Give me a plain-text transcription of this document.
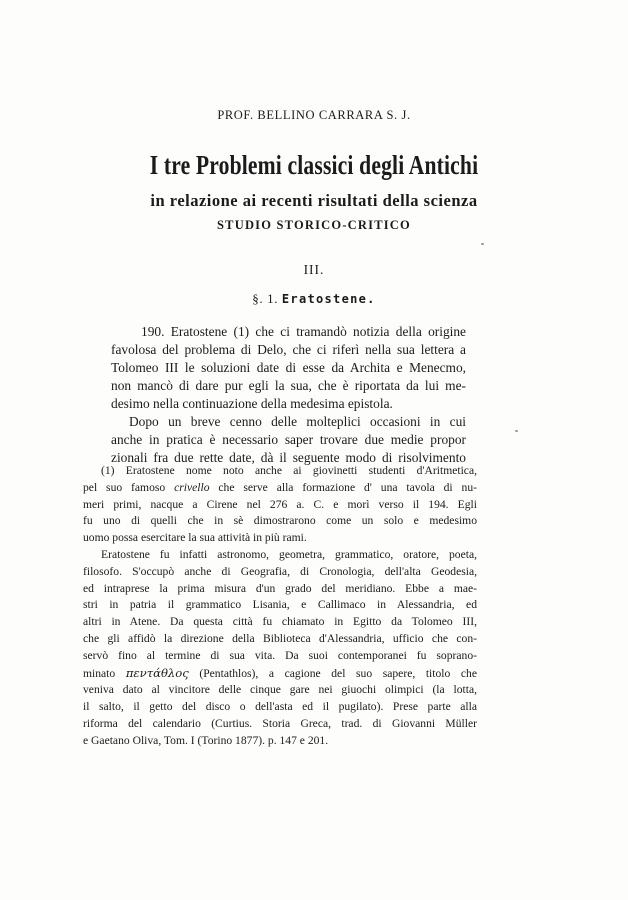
PROF. BELLINO CARRARA S. J.
I tre Problemi classici degli Antichi
in relazione ai recenti risultati della scienza
STUDIO STORICO-CRITICO
III.
§. 1. Eratostene.
190. Eratostene (1) che ci tramandò notizia della origine
favolosa del problema di Delo, che ci riferì nella sua lettera a
Tolomeo III le soluzioni date di esse da Archita e Menecmo,
non mancò di dare pur egli la sua, che è riportata da lui me-
desimo nella continuazione della medesima epistola.
Dopo un breve cenno delle molteplici occasioni in cui
anche in pratica è necessario saper trovare due medie propor
zionali fra due rette date, dà il seguente modo di risolvimento
(1) Eratostene nome noto anche ai giovinetti studenti d'Aritmetica,
pel suo famoso crivello che serve alla formazione d' una tavola di nu-
meri primi, nacque a Cirene nel 276 a. C. e morì verso il 194. Egli
fu uno di quelli che in sè dimostrarono come un solo e medesimo
uomo possa esercitare la sua attività in più rami.
Eratostene fu infatti astronomo, geometra, grammatico, oratore, poeta,
filosofo. S'occupò anche di Geografia, di Cronologia, dell'alta Geodesia,
ed intraprese la prima misura d'un grado del meridiano. Ebbe a mae-
stri in patria il grammatico Lisania, e Callimaco in Alessandria, ed
altri in Atene. Da questa città fu chiamato in Egitto da Tolomeo III,
che gli affidò la direzione della Biblioteca d'Alessandria, ufficio che con-
servò fino al termine di sua vita. Da suoi contemporanei fu soprano-
minato πεντάθλος (Pentathlos), a cagione del suo sapere, titolo che
veniva dato al vincitore delle cinque gare nei giuochi olimpici (la lotta,
il salto, il getto del disco o dell'asta ed il pugilato). Prese parte alla
riforma del calendario (Curtius. Storia Greca, trad. di Giovanni Müller
e Gaetano Oliva, Tom. I (Torino 1877). p. 147 e 201.
